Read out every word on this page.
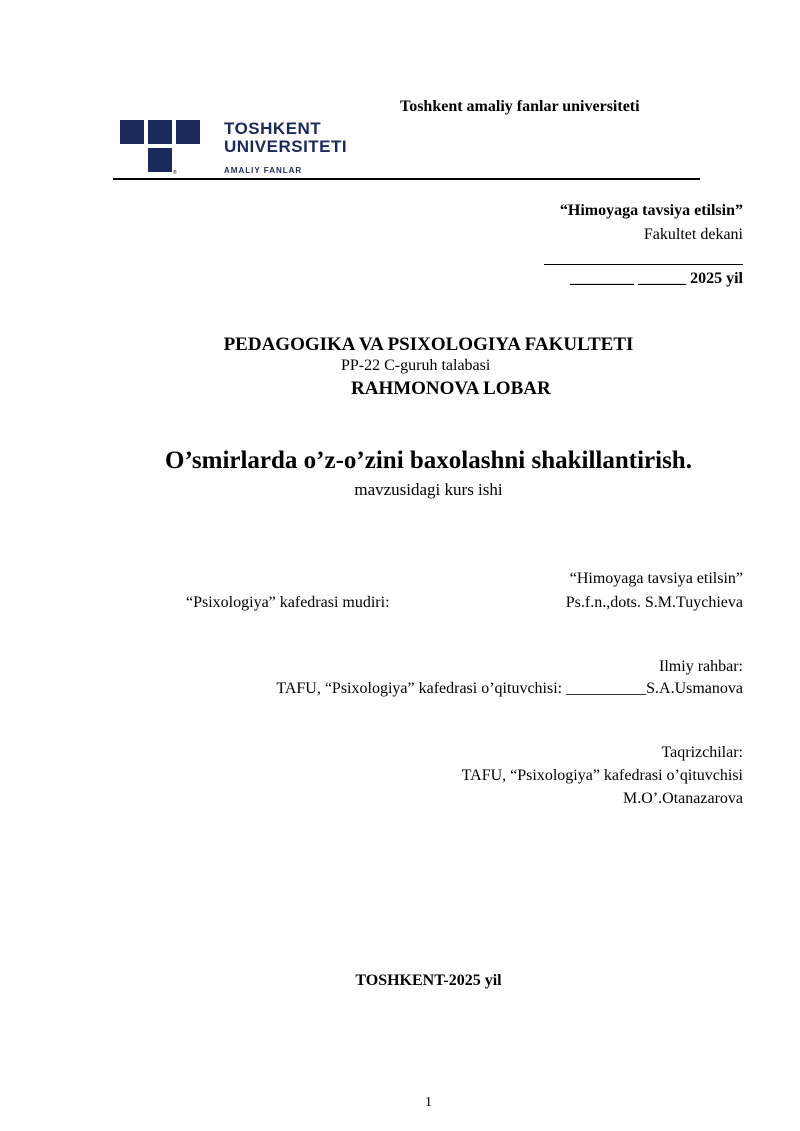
Toshkent amaliy fanlar universiteti
®
TOSHKENT
UNIVERSITETI
AMALIY FANLAR
“Himoyaga tavsiya etilsin”
Fakultet dekani
________ ______ 2025 yil
PEDAGOGIKA VA PSIXOLOGIYA FAKULTETI
PP-22 C-guruh talabasi
RAHMONOVA LOBAR
O’smirlarda o’z-o’zini baxolashni shakillantirish.
mavzusidagi kurs ishi
“Himoyaga tavsiya etilsin”
“Psixologiya” kafedrasi mudiri:	Ps.f.n.,dots. S.M.Tuychieva
Ilmiy rahbar:
TAFU, “Psixologiya” kafedrasi o’qituvchisi: __________S.A.Usmanova
Taqrizchilar:
TAFU, “Psixologiya” kafedrasi o’qituvchisi
M.O’.Otanazarova
TOSHKENT-2025 yil
1
